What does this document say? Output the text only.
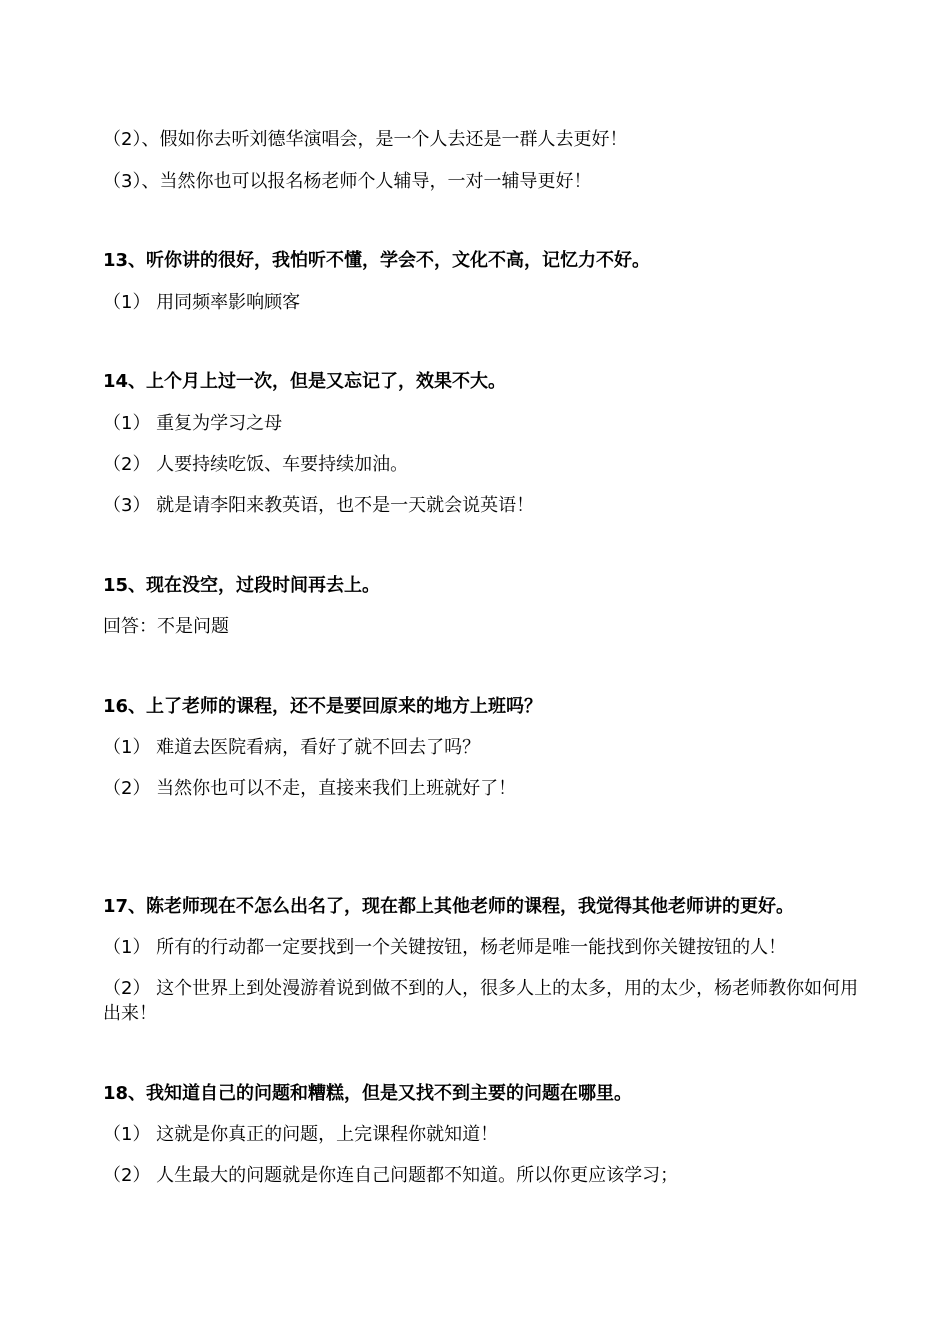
（2）、假如你去听刘德华演唱会，是一个人去还是一群人去更好！

（3）、当然你也可以报名杨老师个人辅导，一对一辅导更好！

13、听你讲的很好，我怕听不懂，学会不，文化不高，记忆力不好。

（1） 用同频率影响顾客

14、上个月上过一次，但是又忘记了，效果不大。

（1） 重复为学习之母

（2） 人要持续吃饭、车要持续加油。

（3） 就是请李阳来教英语，也不是一天就会说英语！

15、现在没空，过段时间再去上。

回答：不是问题

16、上了老师的课程，还不是要回原来的地方上班吗？

（1） 难道去医院看病，看好了就不回去了吗？

（2） 当然你也可以不走，直接来我们上班就好了！

17、陈老师现在不怎么出名了，现在都上其他老师的课程，我觉得其他老师讲的更好。

（1） 所有的行动都一定要找到一个关键按钮，杨老师是唯一能找到你关键按钮的人！

（2） 这个世界上到处漫游着说到做不到的人，很多人上的太多，用的太少，杨老师教你如何用出来！

18、我知道自己的问题和糟糕，但是又找不到主要的问题在哪里。

（1） 这就是你真正的问题，上完课程你就知道！

（2） 人生最大的问题就是你连自己问题都不知道。所以你更应该学习；
